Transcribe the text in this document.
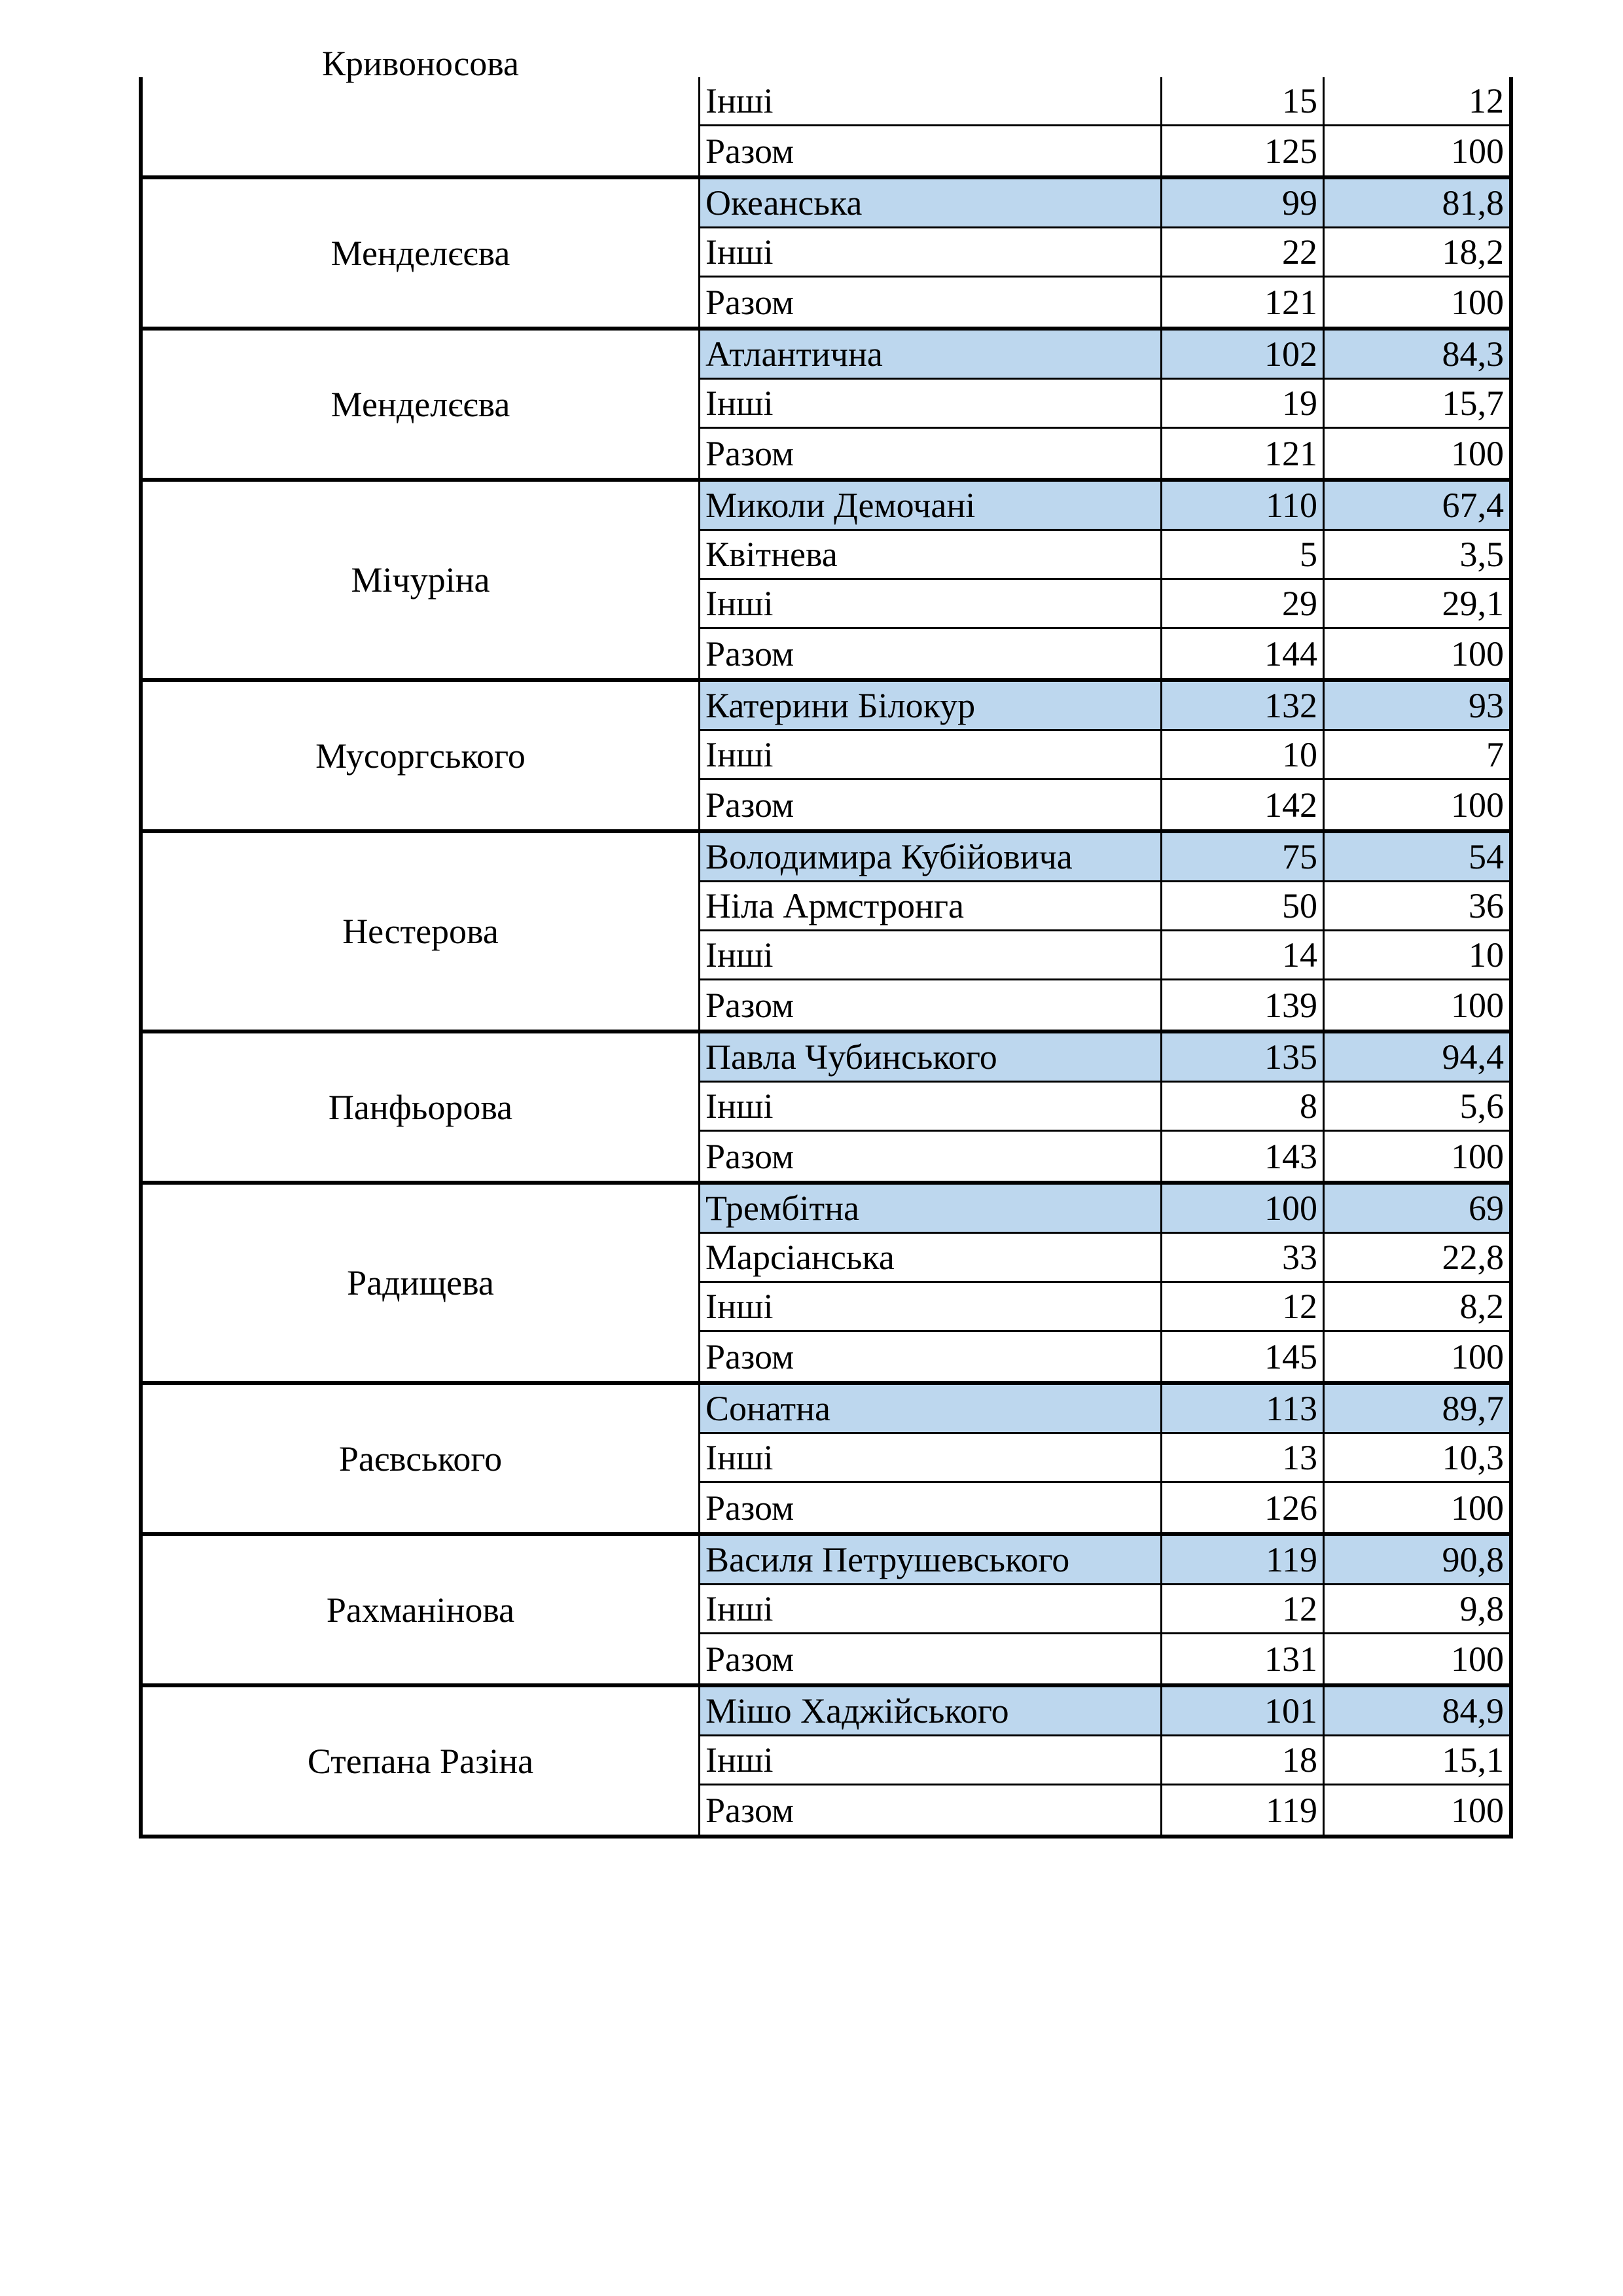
Кривоносова
Інші	15	12
Разом	125	100
Менделєєва
Океанська	99	81,8
Інші	22	18,2
Разом	121	100
Менделєєва
Атлантична	102	84,3
Інші	19	15,7
Разом	121	100
Мічуріна
Миколи Демочані	110	67,4
Квітнева	5	3,5
Інші	29	29,1
Разом	144	100
Мусоргського
Катерини Білокур	132	93
Інші	10	7
Разом	142	100
Нестерова
Володимира Кубійовича	75	54
Ніла Армстронга	50	36
Інші	14	10
Разом	139	100
Панфьорова
Павла Чубинського	135	94,4
Інші	8	5,6
Разом	143	100
Радищева
Трембітна	100	69
Марсіанська	33	22,8
Інші	12	8,2
Разом	145	100
Раєвського
Сонатна	113	89,7
Інші	13	10,3
Разом	126	100
Рахманінова
Василя Петрушевського	119	90,8
Інші	12	9,8
Разом	131	100
Степана Разіна
Мішо Хаджійського	101	84,9
Інші	18	15,1
Разом	119	100
